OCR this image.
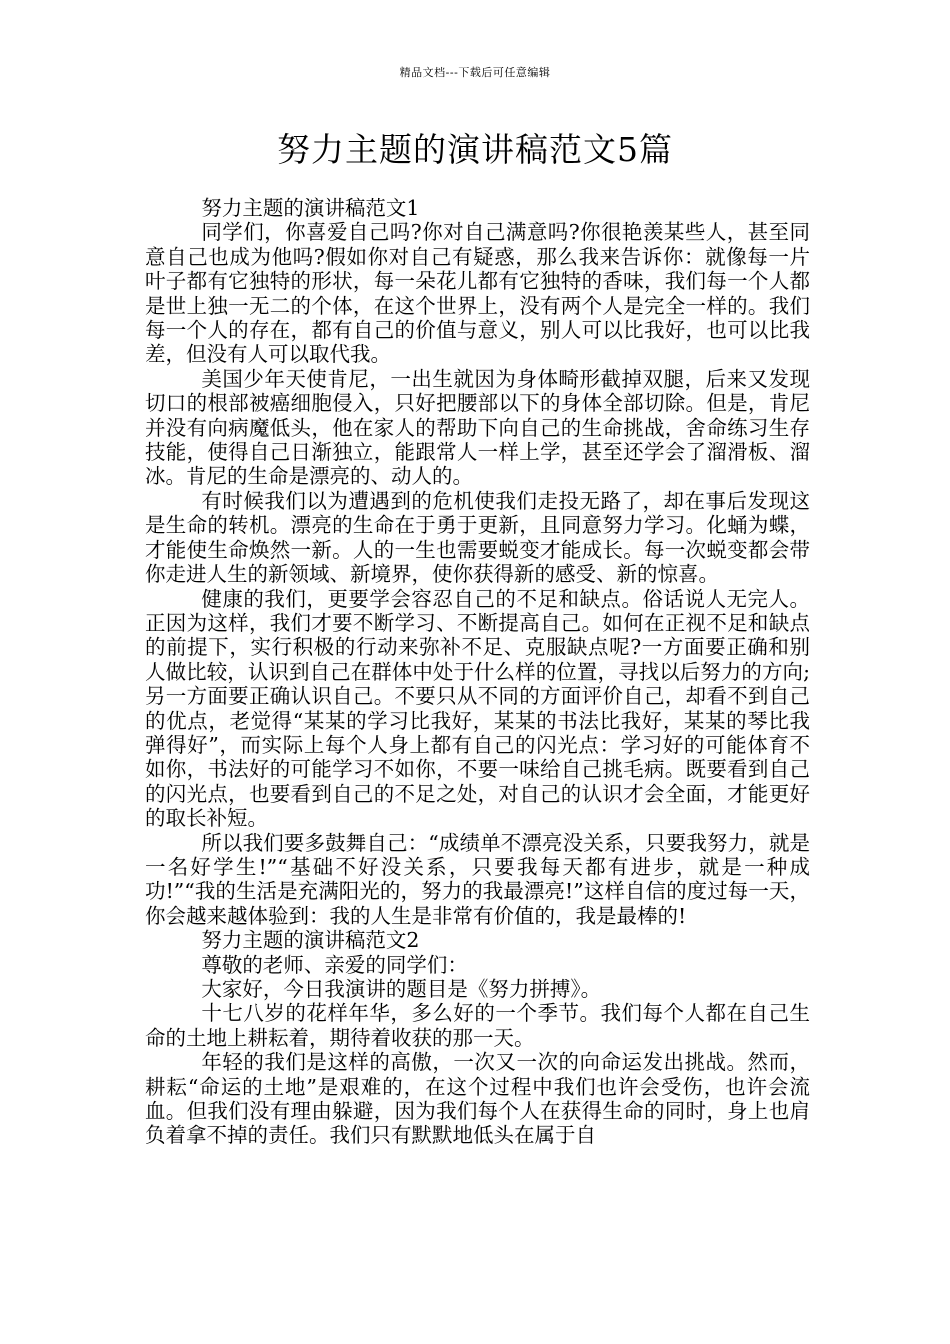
精品文档---下载后可任意编辑
努力主题的演讲稿范文5篇

努力主题的演讲稿范文1

同学们，你喜爱自己吗?你对自己满意吗?你很艳羡某些人，甚至同意自己也成为他吗?假如你对自己有疑惑，那么我来告诉你：就像每一片叶子都有它独特的形状，每一朵花儿都有它独特的香味，我们每一个人都是世上独一无二的个体，在这个世界上，没有两个人是完全一样的。我们每一个人的存在，都有自己的价值与意义，别人可以比我好，也可以比我差，但没有人可以取代我。

美国少年天使肯尼，一出生就因为身体畸形截掉双腿，后来又发现切口的根部被癌细胞侵入，只好把腰部以下的身体全部切除。但是，肯尼并没有向病魔低头，他在家人的帮助下向自己的生命挑战，舍命练习生存技能，使得自己日渐独立，能跟常人一样上学，甚至还学会了溜滑板、溜冰。肯尼的生命是漂亮的、动人的。

有时候我们以为遭遇到的危机使我们走投无路了，却在事后发现这是生命的转机。漂亮的生命在于勇于更新，且同意努力学习。化蛹为蝶，才能使生命焕然一新。人的一生也需要蜕变才能成长。每一次蜕变都会带你走进人生的新领域、新境界，使你获得新的感受、新的惊喜。

健康的我们，更要学会容忍自己的不足和缺点。俗话说人无完人。正因为这样，我们才要不断学习、不断提高自己。如何在正视不足和缺点的前提下，实行积极的行动来弥补不足、克服缺点呢?一方面要正确和别人做比较，认识到自己在群体中处于什么样的位置，寻找以后努力的方向;另一方面要正确认识自己。不要只从不同的方面评价自己，却看不到自己的优点，老觉得“某某的学习比我好，某某的书法比我好，某某的琴比我弹得好”，而实际上每个人身上都有自己的闪光点：学习好的可能体育不如你，书法好的可能学习不如你，不要一味给自己挑毛病。既要看到自己的闪光点，也要看到自己的不足之处，对自己的认识才会全面，才能更好的取长补短。

所以我们要多鼓舞自己：“成绩单不漂亮没关系，只要我努力，就是一名好学生!”“基础不好没关系，只要我每天都有进步，就是一种成功!”“我的生活是充满阳光的，努力的我最漂亮!”这样自信的度过每一天，你会越来越体验到：我的人生是非常有价值的，我是最棒的!

努力主题的演讲稿范文2

尊敬的老师、亲爱的同学们：

大家好，今日我演讲的题目是《努力拼搏》。

十七八岁的花样年华，多么好的一个季节。我们每个人都在自己生命的土地上耕耘着，期待着收获的那一天。

年轻的我们是这样的高傲，一次又一次的向命运发出挑战。然而，耕耘“命运的土地”是艰难的，在这个过程中我们也许会受伤，也许会流血。但我们没有理由躲避，因为我们每个人在获得生命的同时，身上也肩负着拿不掉的责任。我们只有默默地低头在属于自
